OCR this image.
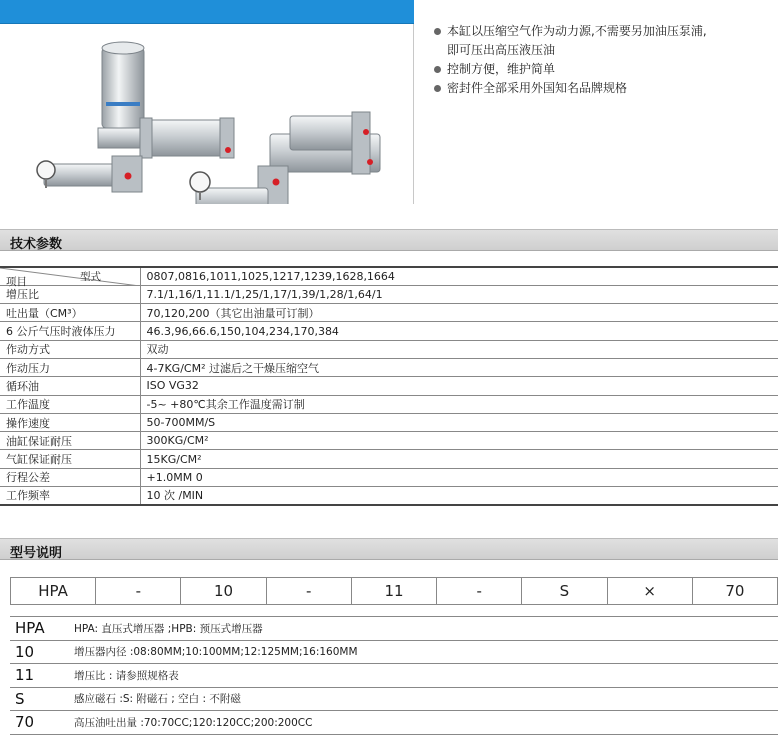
本缸以压缩空气作为动力源,不需要另加油压泵浦,
即可压出高压液压油
控制方便，维护简单
密封件全部采用外国知名品牌规格
技术参数
型式
项目	0807,0816,1011,1025,1217,1239,1628,1664
增压比	7.1/1,16/1,11.1/1,25/1,17/1,39/1,28/1,64/1
吐出量（CM³）	70,120,200（其它出油量可订制）
6 公斤气压时液体压力	46.3,96,66.6,150,104,234,170,384
作动方式	双动
作动压力	4-7KG/CM² 过滤后之干燥压缩空气
循环油	ISO VG32
工作温度	-5~ +80℃其余工作温度需订制
操作速度	50-700MM/S
油缸保证耐压	300KG/CM²
气缸保证耐压	15KG/CM²
行程公差	+1.0MM 0
工作频率	10 次 /MIN
型号说明
HPA	-	10	-	11	-	S	×	70
HPA	HPA: 直压式增压器 ;HPB: 预压式增压器
10	增压器内径 :08:80MM;10:100MM;12:125MM;16:160MM
11	增压比 : 请参照规格表
S	感应磁石 :S: 附磁石 ; 空白 : 不附磁
70	高压油吐出量 :70:70CC;120:120CC;200:200CC
